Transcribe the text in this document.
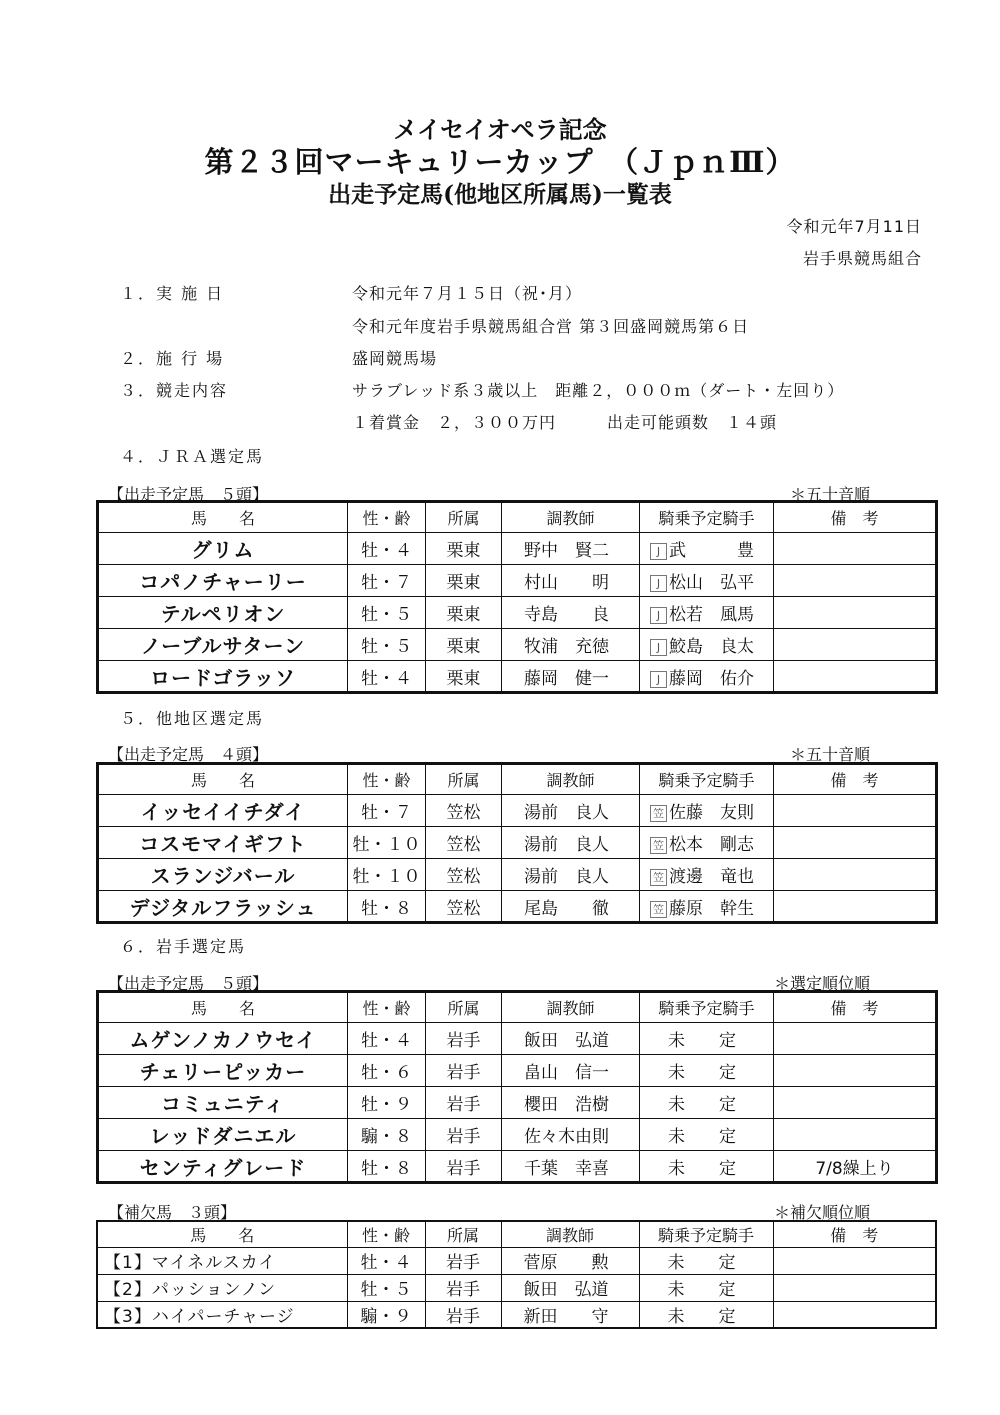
メイセイオペラ記念
第２３回マーキュリーカップ　（ＪｐｎⅢ）
出走予定馬(他地区所属馬)一覧表
令和元年7月11日
岩手県競馬組合
１．実 施 日	令和元年７月１５日（祝･月）
令和元年度岩手県競馬組合営 第３回盛岡競馬第６日
２．施 行 場	盛岡競馬場
３．競走内容	サラブレッド系３歳以上　距離２，０００ｍ（ダート・左回り）
１着賞金　２，３００万円　　　出走可能頭数　１４頭
４．ＪＲＡ選定馬
【出走予定馬　５頭】	＊五十音順
馬　　名	性・齢	所属	調教師	騎乗予定騎手	備　考
グリム	牡・４	栗東	野中　賢二	J 武　　　豊	
コパノチャーリー	牡・７	栗東	村山　　明	J 松山　弘平	
テルペリオン	牡・５	栗東	寺島　　良	J 松若　風馬	
ノーブルサターン	牡・５	栗東	牧浦　充徳	J 鮫島　良太	
ロードゴラッソ	牡・４	栗東	藤岡　健一	J 藤岡　佑介	
５．他地区選定馬
【出走予定馬　４頭】	＊五十音順
馬　　名	性・齢	所属	調教師	騎乗予定騎手	備　考
イッセイイチダイ	牡・７	笠松	湯前　良人	笠 佐藤　友則	
コスモマイギフト	牡・１０	笠松	湯前　良人	笠 松本　剛志	
スランジバール	牡・１０	笠松	湯前　良人	笠 渡邊　竜也	
デジタルフラッシュ	牡・８	笠松	尾島　　徹	笠 藤原　幹生	
６．岩手選定馬
【出走予定馬　５頭】	＊選定順位順
馬　　名	性・齢	所属	調教師	騎乗予定騎手	備　考
ムゲンノカノウセイ	牡・４	岩手	飯田　弘道	未　　定	
チェリーピッカー	牡・６	岩手	畠山　信一	未　　定	
コミュニティ	牡・９	岩手	櫻田　浩樹	未　　定	
レッドダニエル	騸・８	岩手	佐々木由則	未　　定	
センティグレード	牡・８	岩手	千葉　幸喜	未　　定	7/8繰上り
【補欠馬　３頭】	＊補欠順位順
馬　　名	性・齢	所属	調教師	騎乗予定騎手	備　考
【1】マイネルスカイ	牡・４	岩手	菅原　　勲	未　　定	
【2】パッションノン	牡・５	岩手	飯田　弘道	未　　定	
【3】ハイパーチャージ	騸・９	岩手	新田　　守	未　　定	
